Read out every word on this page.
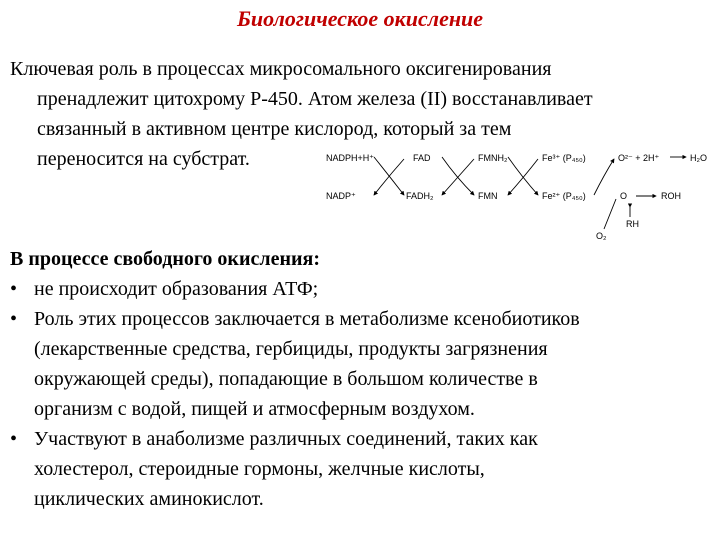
Биологическое окисление
Ключевая роль в процессах микросомального оксигенирования
пренадлежит цитохрому Р-450. Атом железа (II) восстанавливает
связанный в активном центре кислород, который за тем
переносится на субстрат.	NADPH+H⁺	FAD	FMNH₂	Fe³⁺ (P₄₅₀)	O²⁻ + 2H⁺	H₂O
NADP⁺	FADH₂	FMN	Fe²⁺ (P₄₅₀)	O	ROH
RH
O₂
В процессе свободного окисления:
• не происходит образования АТФ;
• Роль этих процессов заключается в метаболизме ксенобиотиков
(лекарственные средства, гербициды, продукты загрязнения
окружающей среды), попадающие в большом количестве в
организм с водой, пищей и атмосферным воздухом.
• Участвуют в анаболизме различных соединений, таких как
холестерол, стероидные гормоны, желчные кислоты,
циклических аминокислот.
